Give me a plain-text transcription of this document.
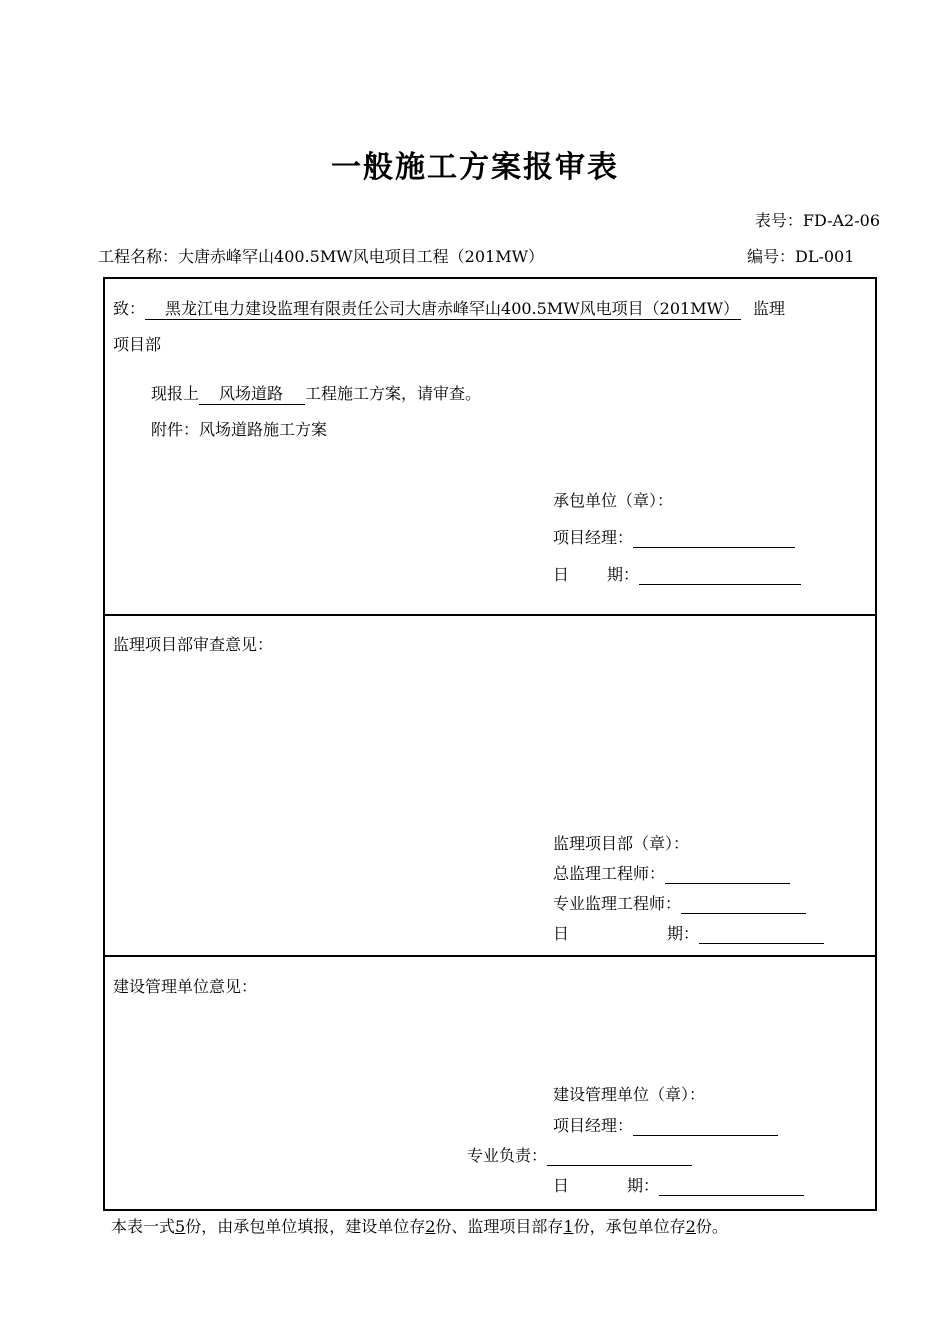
一般施工方案报审表
表号：FD-A2-06
工程名称：大唐赤峰罕山400.5MW风电项目工程（201MW）	编号：DL-001
致： 黑龙江电力建设监理有限责任公司大唐赤峰罕山400.5MW风电项目（201MW） 监理
项目部
现报上 风场道路 工程施工方案，请审查。
附件：风场道路施工方案
承包单位（章）：
项目经理：
日 期：
监理项目部审查意见：
监理项目部（章）：
总监理工程师：
专业监理工程师：
日	期：
建设管理单位意见：
建设管理单位（章）：
项目经理：
专业负责：
日	期：
本表一式5份，由承包单位填报，建设单位存2份、监理项目部存1份，承包单位存2份。
